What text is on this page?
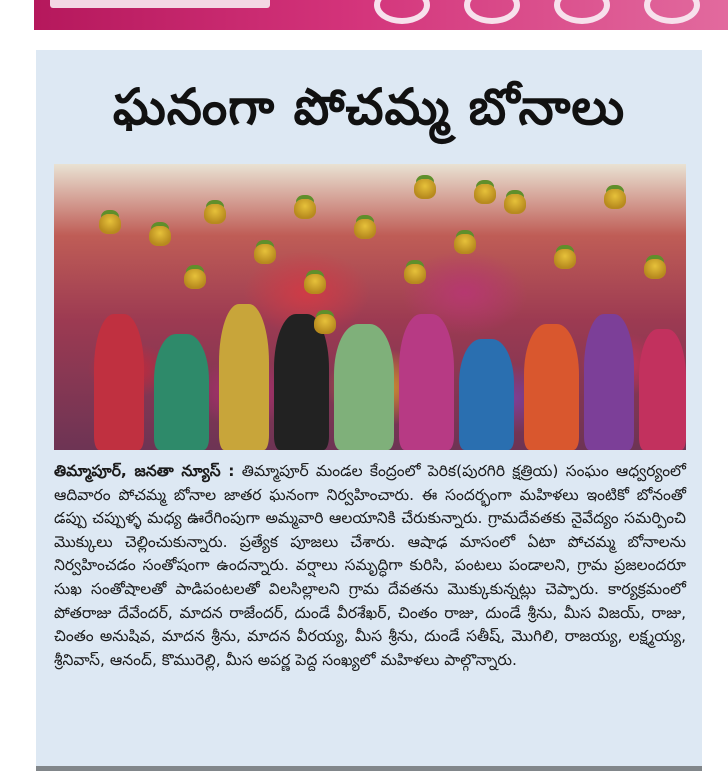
ఘనంగా పోచమ్మ బోనాలు
తిమ్మాపూర్, జనతా న్యూస్ : తిమ్మాపూర్ మండల కేంద్రంలో పెరిక(పురగిరి క్షత్రియ) సంఘం ఆధ్వర్యంలో ఆదివారం పోచమ్మ బోనాల జాతర ఘనంగా నిర్వహించారు. ఈ సందర్భంగా మహిళలు ఇంటికో బోనంతో డప్పు చప్పుళ్ళ మధ్య ఊరేగింపుగా అమ్మవారి ఆలయానికి చేరుకున్నారు. గ్రామదేవతకు నైవేద్యం సమర్పించి మొక్కులు చెల్లించుకున్నారు. ప్రత్యేక పూజలు చేశారు. ఆషాఢ మాసంలో ఏటా పోచమ్మ బోనాలను నిర్వహించడం సంతోషంగా ఉందన్నారు. వర్షాలు సమృద్ధిగా కురిసి, పంటలు పండాలని, గ్రామ ప్రజలందరూ సుఖ సంతోషాలతో పాడిపంటలతో విలసిల్లాలని గ్రామ దేవతను మొక్కుకున్నట్లు చెప్పారు. కార్యక్రమంలో పోతరాజు దేవేందర్, మాదన రాజేందర్, దుండే వీరశేఖర్, చింతం రాజు, దుండే శ్రీను, మీస విజయ్, రాజు, చింతం అనుషివ, మాదన శ్రీను, మాదన వీరయ్య, మీస శ్రీను, దుండే సతీష్, మొగిలి, రాజయ్య, లక్ష్మయ్య, శ్రీనివాస్, ఆనంద్, కొమురెల్లి, మీస అపర్ణ పెద్ద సంఖ్యలో మహిళలు పాల్గొన్నారు.
